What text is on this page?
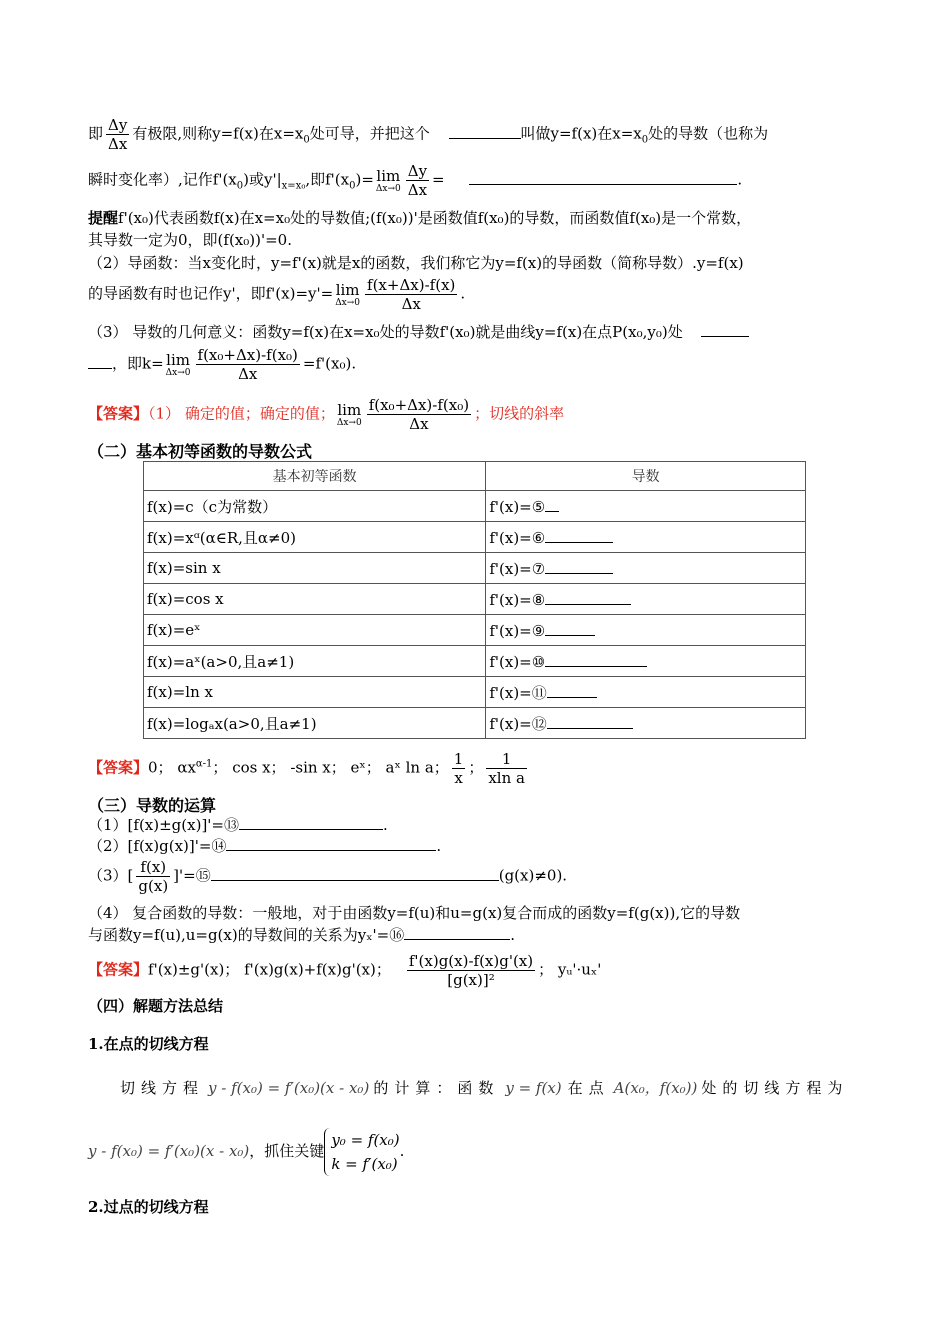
即 $\frac{\Delta y}{\Delta x}$ 有极限,则称y=f(x)在$x=x_0$处可导，并把这个	叫做y=f(x)在$x=x_0$处的导数（也称为
瞬时变化率）,记作$f'(x_0)$或$y'|_{x=x_0}$,即$f'(x_0)= \lim$
$\Delta x\to 0 \frac{\Delta y}{\Delta x}$ =	.
提醒f'(x₀)代表函数f(x)在x=x₀处的导数值;(f(x₀))'是函数值f(x₀)的导数，而函数值f(x₀)是一个常数，
其导数一定为0，即(f(x₀))'=0.
（2）导函数：当x变化时，y=f'(x)就是x的函数，我们称它为y=f(x)的导函数（简称导数）.y=f(x)
的导函数有时也记作y'，即f'(x)=y'= lim
$\Delta x\to 0 \frac{f(x+\Delta x)-f(x)}{\Delta x}$ .
（3） 导数的几何意义：函数y=f(x)在x=x₀处的导数f'(x₀)就是曲线y=f(x)在点P(x₀,y₀)处
，即k= lim
$\Delta x\to 0 \frac{\text{f(x₀+Δx)-f(x₀)}}{\Delta x} =f'(x_0)$.
【答案】（1） 确定的值；确定的值； lim
$\Delta x\to 0 \frac{\text{f(x₀+Δx)-f(x₀)}}{\Delta x}$ ；切线的斜率
（二）基本初等函数的导数公式
基本初等函数	导数
f(x)=c（c为常数）	f'(x)=⑤
f(x)=xᵅ(α∈R,且α≠0)	f'(x)=⑥
f(x)=sin x	f'(x)=⑦
f(x)=cos x	f'(x)=⑧
f(x)=eˣ	f'(x)=⑨
f(x)=aˣ(a>0,且a≠1)	f'(x)=⑩
f(x)=ln x	f'(x)=⑪
f(x)=logₐx(a>0,且a≠1)	f'(x)=⑫
【答案】0； $\alpha x^{\alpha-1}$； cos x； -sin x； eˣ； aˣ ln a； $\frac{1}{x}$ ； $\frac{1}{\text{xln a}}$
（三）导数的运算
（1）[f(x)±g(x)]'=⑬	.
（2）[f(x)g(x)]'=⑭	.
$(3)[ \frac{f(x)}{g(x)}$ ]'=⑮	(g(x)≠0).
（4） 复合函数的导数：一般地，对于由函数y=f(u)和u=g(x)复合而成的函数y=f(g(x)),它的导数
与函数y=f(u),u=g(x)的导数间的关系为yₓ'=⑯	.
【答案】f'(x)±g'(x)； f'(x)g(x)+f(x)g'(x)； $\frac{f'(x)g(x)-f(x)g'(x)}{\text{[g(x)]²}}$ ； yᵤ'·uₓ'
（四）解题方法总结
1.在点的切线方程
切线方程 y - f(x₀) = f′(x₀)(x - x₀) 的计算：函数 y = f(x) 在点 A(x₀，f(x₀)) 处的切线方程为
y - f(x₀) = f′(x₀)(x - x₀)，抓住关键
y₀ = f(x₀)
k = f′(x₀)
.
2.过点的切线方程
